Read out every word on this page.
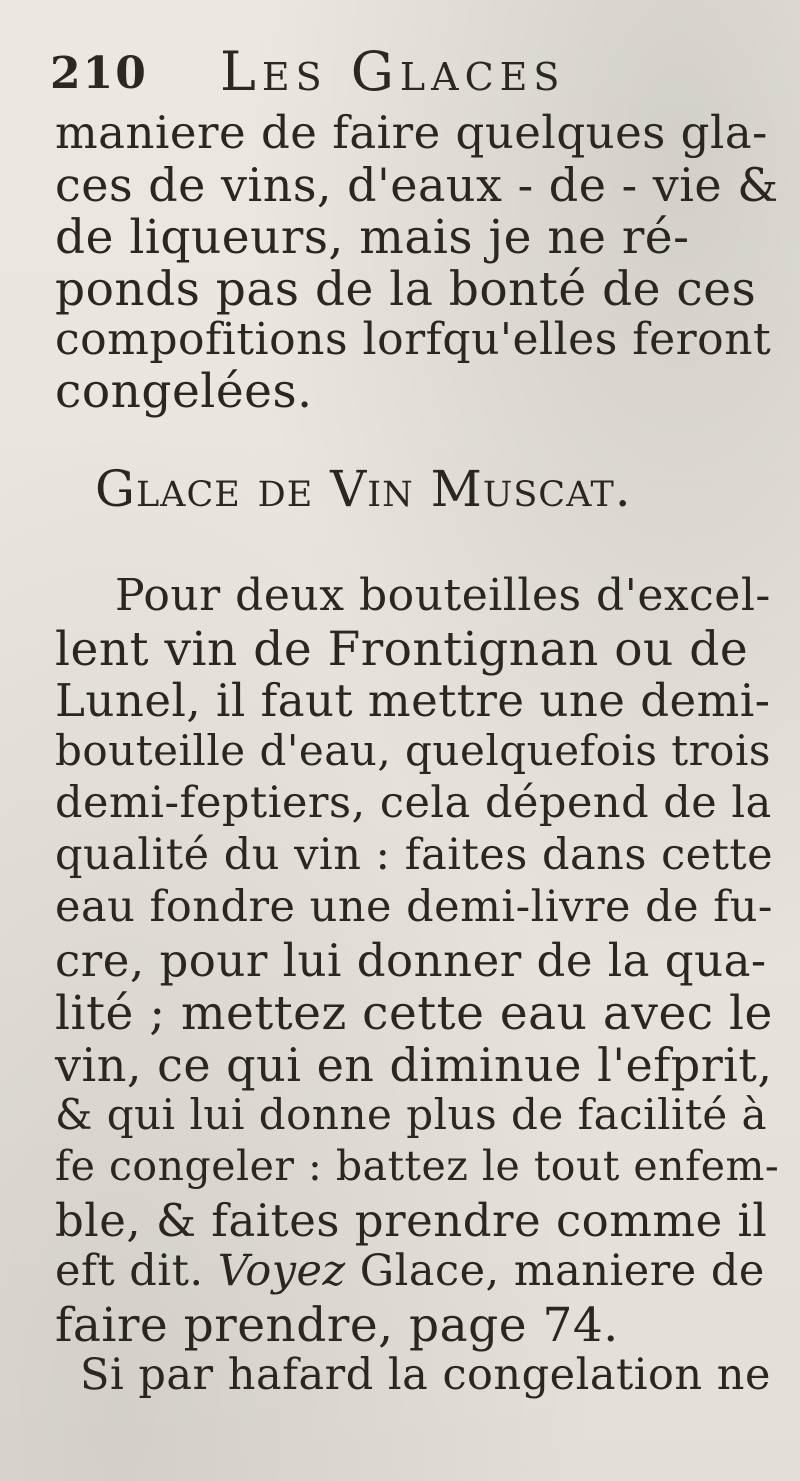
210 Les Glaces
maniere de faire quelques gla-
ces de vins, d'eaux - de - vie &
de liqueurs, mais je ne ré-
ponds pas de la bonté de ces
compofitions lorfqu'elles feront
congelées.
Glace de Vin Muscat.
Pour deux bouteilles d'excel-
lent vin de Frontignan ou de
Lunel, il faut mettre une demi-
bouteille d'eau, quelquefois trois
demi-feptiers, cela dépend de la
qualité du vin : faites dans cette
eau fondre une demi-livre de fu-
cre, pour lui donner de la qua-
lité ; mettez cette eau avec le
vin, ce qui en diminue l'efprit,
& qui lui donne plus de facilité à
fe congeler : battez le tout enfem-
ble, & faites prendre comme il
eft dit. Voyez Glace, maniere de
faire prendre, page 74.
Si par hafard la congelation ne
